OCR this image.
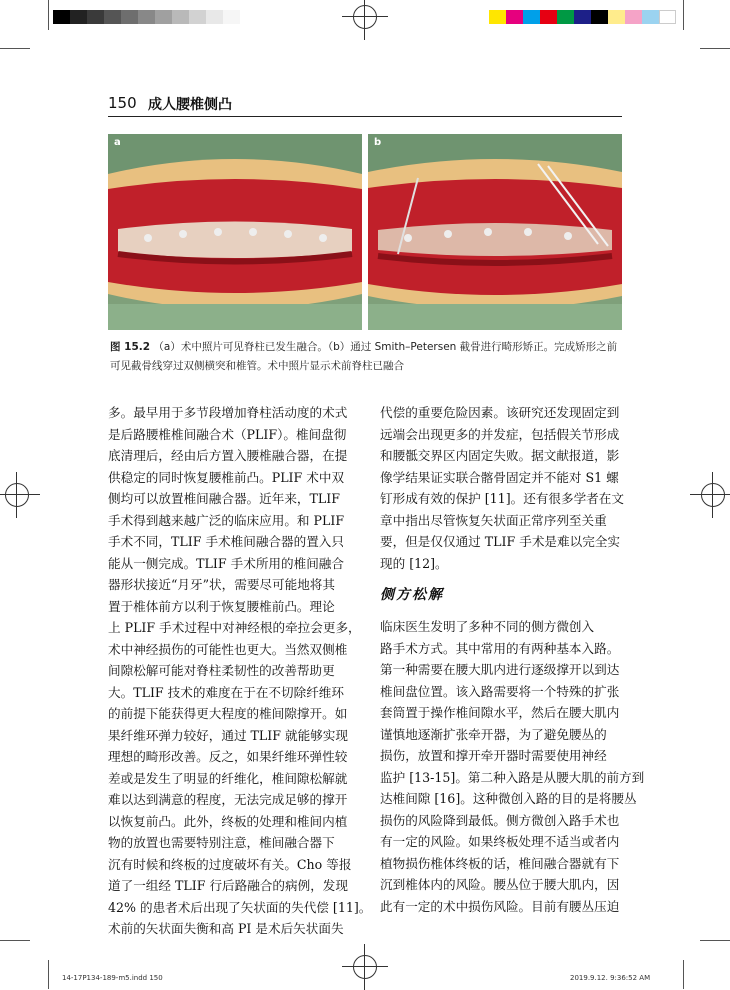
150 成人腰椎侧凸
a	b
图 15.2 （a）术中照片可见脊柱已发生融合。（b）通过 Smith–Petersen 截骨进行畸形矫正。完成矫形之前可见截骨线穿过双侧横突和椎管。术中照片显示术前脊柱已融合

多。最早用于多节段增加脊柱活动度的术式

是后路腰椎椎间融合术（PLIF）。椎间盘彻

底清理后，经由后方置入腰椎融合器，在提

供稳定的同时恢复腰椎前凸。PLIF 术中双

侧均可以放置椎间融合器。近年来，TLIF

手术得到越来越广泛的临床应用。和 PLIF

手术不同，TLIF 手术椎间融合器的置入只

能从一侧完成。TLIF 手术所用的椎间融合

器形状接近“月牙”状，需要尽可能地将其

置于椎体前方以利于恢复腰椎前凸。理论

上 PLIF 手术过程中对神经根的牵拉会更多，

术中神经损伤的可能性也更大。当然双侧椎

间隙松解可能对脊柱柔韧性的改善帮助更

大。TLIF 技术的难度在于在不切除纤维环

的前提下能获得更大程度的椎间隙撑开。如

果纤维环弹力较好，通过 TLIF 就能够实现

理想的畸形改善。反之，如果纤维环弹性较

差或是发生了明显的纤维化，椎间隙松解就

难以达到满意的程度，无法完成足够的撑开

以恢复前凸。此外，终板的处理和椎间内植

物的放置也需要特别注意，椎间融合器下

沉有时候和终板的过度破坏有关。Cho 等报

道了一组经 TLIF 行后路融合的病例，发现

42% 的患者术后出现了矢状面的失代偿 [11]。

术前的矢状面失衡和高 PI 是术后矢状面失

代偿的重要危险因素。该研究还发现固定到

远端会出现更多的并发症，包括假关节形成

和腰骶交界区内固定失败。据文献报道，影

像学结果证实联合髂骨固定并不能对 S1 螺

钉形成有效的保护 [11]。还有很多学者在文

章中指出尽管恢复矢状面正常序列至关重

要，但是仅仅通过 TLIF 手术是难以完全实

现的 [12]。

侧方松解

临床医生发明了多种不同的侧方微创入

路手术方式。其中常用的有两种基本入路。

第一种需要在腰大肌内进行逐级撑开以到达

椎间盘位置。该入路需要将一个特殊的扩张

套筒置于操作椎间隙水平，然后在腰大肌内

谨慎地逐渐扩张牵开器，为了避免腰丛的

损伤，放置和撑开牵开器时需要使用神经

监护 [13-15]。第二种入路是从腰大肌的前方到

达椎间隙 [16]。这种微创入路的目的是将腰丛

损伤的风险降到最低。侧方微创入路手术也

有一定的风险。如果终板处理不适当或者内

植物损伤椎体终板的话，椎间融合器就有下

沉到椎体内的风险。腰丛位于腰大肌内，因

此有一定的术中损伤风险。目前有腰丛压迫

14-17P134-189-m5.indd 150	2019.9.12. 9:36:52 AM
